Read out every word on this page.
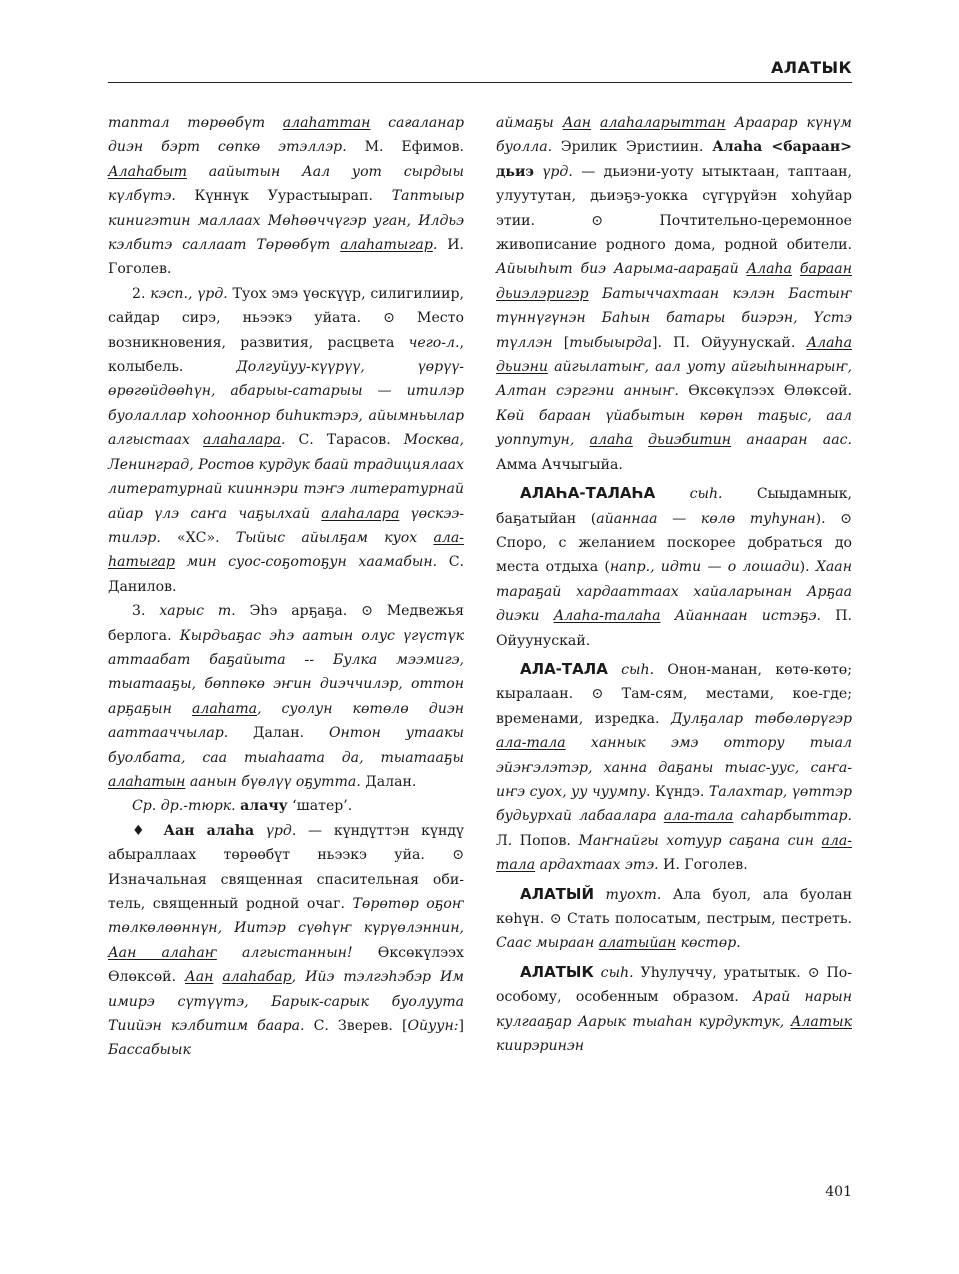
АЛАТЫК

таптал төрөөбүт алаһаттан сағаланар диэн бэрт сөпкө этэллэр. М. Ефимов. Алаһабыт аайытын Аал уот сырдыы күлбүтэ. Күннүк Уурастыырап. Таптыыр кинигэтин маллаах Мөһөөччүгэр уган, Илдьэ кэлбитэ саллаат Төрөөбүт алаһатыгар. И. Гоголев.

2. кэсп., үрд. Туох эмэ үөскүүр, силигилиир, сайдар сирэ, ньээкэ уйата. ⊙ Место возникновения, развития, расцвета чего-л., колыбель. Долгуйуу-күүрүү, үөрүү-өрөгөйдөөһүн, абарыы-сатарыы — итилэр буолаллар хоһооннор биһиктэрэ, айымньылар алгыстаах алаһалара. С. Тарасов. Москва, Ленинград, Ростов курдук баай традициялаах литературнай кииннэри тэҥэ литературнай айар үлэ саҥа чаҕылхай алаһалара үөскээтилэр. «ХС». Тыйыс айылҕам куох алаһатыгар мин суос-соҕотоҕун хаамабын. С. Данилов.

3. харыс т. Эһэ арҕаҕа. ⊙ Медвежья берлога. Кырдьаҕас эһэ аатын олус үгүстүк аттаабат баҕайыта -- Булка мээмигэ, тыатааҕы, бөппөкө эҥин диэччилэр, оттон арҕаҕын алаһата, суолун көтөлө диэн ааттааччылар. Далан. Онтон утаакы буолбата, саа тыаһаата да, тыатааҕы алаһатын аанын бүөлүү оҕутта. Далан.

Ср. др.-тюрк. алачу ‘шатер’.

♦ Аан алаһа үрд. — күндүттэн күндү абыраллаах төрөөбүт ньээкэ уйа. ⊙ Изначальная священная спасительная обитель, священный родной очаг. Төрөтөр оҕоҥ төлкөлөөннүн, Иитэр сүөһүҥ күрүөлэннин, Аан алаһаҥ алгыстаннын! Өксөкүлээх Өлөксөй. Аан алаһабар, Ийэ тэлгэһэбэр Им имирэ сүтүүтэ, Барык-сарык буолуута Тиийэн кэлбитим баара. С. Зверев. [Ойуун:] Бассабыык

аймаҕы Аан алаһаларыттан Араарар күнүм буолла. Эрилик Эристиин. Алаһа <бараан> дьиэ үрд. — дьиэни-уоту ытыктаан, таптаан, улуутутан, дьиэҕэ-уокка сүгүрүйэн хоһуйар этии. ⊙ Почтительно-церемонное живописание родного дома, родной обители. Айыыһыт биэ Аарыма-аараҕай Алаһа бараан дьиэлэригэр Батыччахтаан кэлэн Бастыҥ түннүгүнэн Баһын батары биэрэн, Үстэ түллэн [тыбыырда]. П. Ойуунускай. Алаһа дьиэни айгылатыҥ, аал уоту айгыһыннарыҥ, Алтан сэргэни анныҥ. Өксөкүлээх Өлөксөй. Көй бараан үйабытын көрөн таҕыс, аал уоппутун, алаһа дьиэбитин анааран аас. Амма Аччыгыйа.

АЛАҺА-ТАЛАҺА сыһ. Сыыдамнык, баҕатыйан (айаннаа — көлө туһунан). ⊙ Споро, с желанием поскорее добраться до места отдыха (напр., идти — о лошади). Хаан тараҕай хардааттаах хайаларынан Арҕаа диэки Алаһа-талаһа Айаннаан истэҕэ. П. Ойуунускай.

АЛА-ТАЛА сыһ. Онон-манан, көтө-көтө; кыралаан. ⊙ Там-сям, местами, кое-где; временами, изредка. Дулҕалар төбөлөрүгэр ала-тала ханнык эмэ оттору тыал эйэҥэлэтэр, ханна даҕаны тыас-уус, саҥа-иҥэ суох, уу чуумпу. Күндэ. Талахтар, үөттэр будьурхай лабаалара ала-тала саһарбыттар. Л. Попов. Маҥнайгы хотуур саҕана син алатала ардахтаах этэ. И. Гоголев.

АЛАТЫЙ туохт. Ала буол, ала буолан көһүн. ⊙ Стать полосатым, пестрым, пестреть. Саас мыраан алатыйан көстөр.

АЛАТЫК сыһ. Уһулуччу, уратытык. ⊙ По-особому, особенным образом. Арай нарын кулгааҕар Аарык тыаһан курдуктук, Алатык киирэринэн

401
